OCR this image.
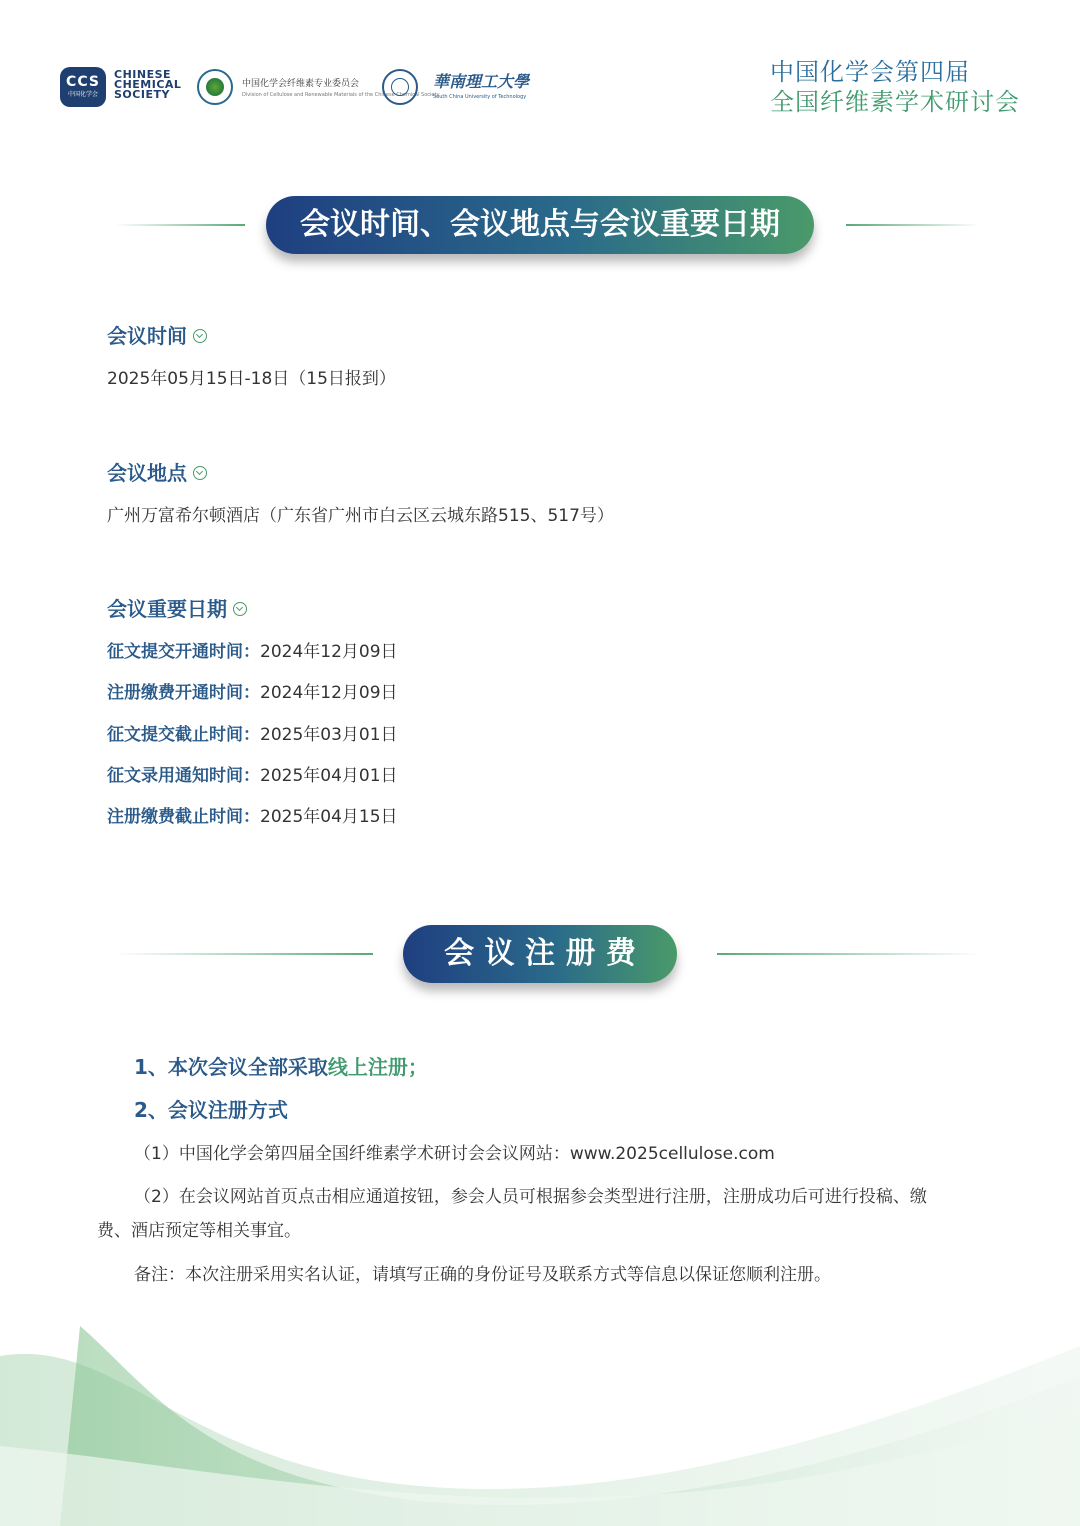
CCS
中国化学会
CHINESE
CHEMICAL
SOCIETY
中国化学会纤维素专业委员会
Division of Cellulose and Renewable Materials of the Chinese Chemical Society
華南理工大學
South China University of Technology
中国化学会第四届
全国纤维素学术研讨会
会议时间、会议地点与会议重要日期
会议时间
2025年05月15日-18日（15日报到）
会议地点
广州万富希尔顿酒店（广东省广州市白云区云城东路515、517号）
会议重要日期
征文提交开通时间：2024年12月09日
注册缴费开通时间：2024年12月09日
征文提交截止时间：2025年03月01日
征文录用通知时间：2025年04月01日
注册缴费截止时间：2025年04月15日
会 议 注 册 费
1、本次会议全部采取线上注册；
2、会议注册方式
（1）中国化学会第四届全国纤维素学术研讨会会议网站：www.2025cellulose.com
（2）在会议网站首页点击相应通道按钮，参会人员可根据参会类型进行注册，注册成功后可进行投稿、缴
费、酒店预定等相关事宜。
备注：本次注册采用实名认证，请填写正确的身份证号及联系方式等信息以保证您顺利注册。
